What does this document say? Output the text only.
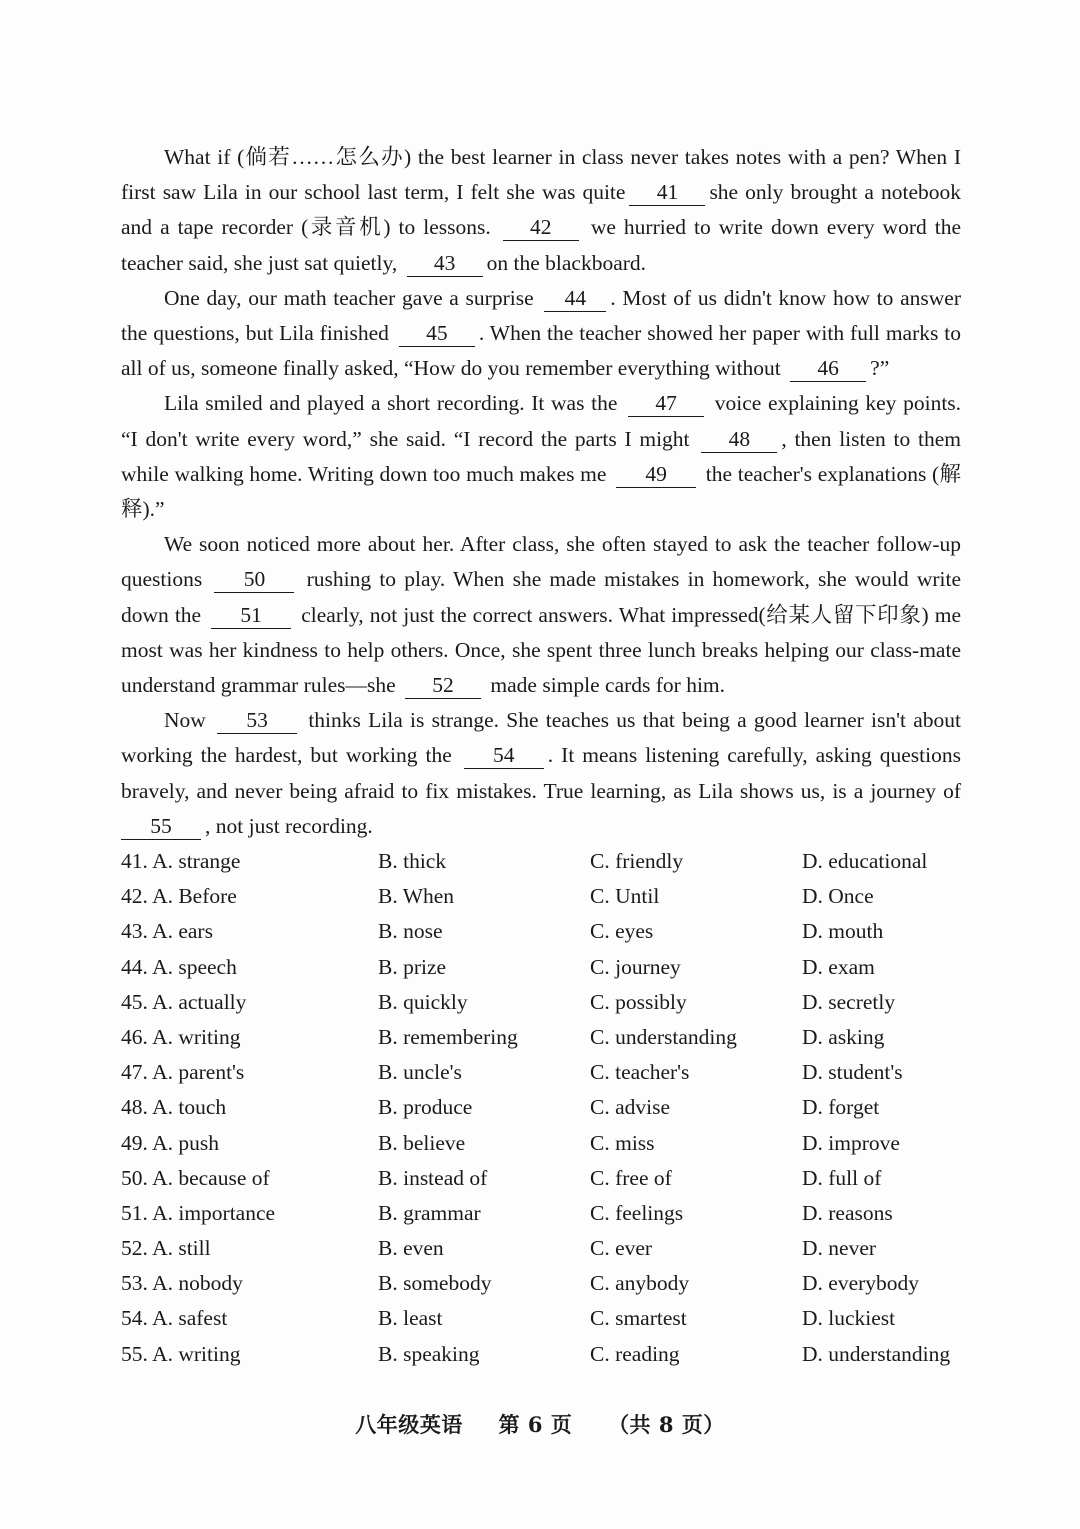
What if (倘若……怎么办) the best learner in class never takes notes with a pen? When I first saw Lila in our school last term, I felt she was quite 41 she only brought a notebook and a tape recorder (录音机) to lessons. 42 we hurried to write down every word the teacher said, she just sat quietly, 43 on the blackboard.

One day, our math teacher gave a surprise 44 . Most of us didn't know how to answer the questions, but Lila finished 45 . When the teacher showed her paper with full marks to all of us, someone finally asked, “How do you remember everything without 46 ?”

Lila smiled and played a short recording. It was the 47 voice explaining key points. “I don't write every word,” she said. “I record the parts I might 48 , then listen to them while walking home. Writing down too much makes me 49 the teacher's explanations (解释).”

We soon noticed more about her. After class, she often stayed to ask the teacher follow-up questions 50 rushing to play. When she made mistakes in homework, she would write down the 51 clearly, not just the correct answers. What impressed(给某人留下印象) me most was her kindness to help others. Once, she spent three lunch breaks helping our class-mate understand grammar rules—she 52 made simple cards for him.

Now 53 thinks Lila is strange. She teaches us that being a good learner isn't about working the hardest, but working the 54 . It means listening carefully, asking questions bravely, and never being afraid to fix mistakes. True learning, as Lila shows us, is a journey of 55 , not just recording.

41. A. strange	B. thick	C. friendly	D. educational
42. A. Before	B. When	C. Until	D. Once
43. A. ears	B. nose	C. eyes	D. mouth
44. A. speech	B. prize	C. journey	D. exam
45. A. actually	B. quickly	C. possibly	D. secretly
46. A. writing	B. remembering	C. understanding	D. asking
47. A. parent's	B. uncle's	C. teacher's	D. student's
48. A. touch	B. produce	C. advise	D. forget
49. A. push	B. believe	C. miss	D. improve
50. A. because of	B. instead of	C. free of	D. full of
51. A. importance	B. grammar	C. feelings	D. reasons
52. A. still	B. even	C. ever	D. never
53. A. nobody	B. somebody	C. anybody	D. everybody
54. A. safest	B. least	C. smartest	D. luckiest
55. A. writing	B. speaking	C. reading	D. understanding
八年级英语 第 6 页 （共 8 页）
